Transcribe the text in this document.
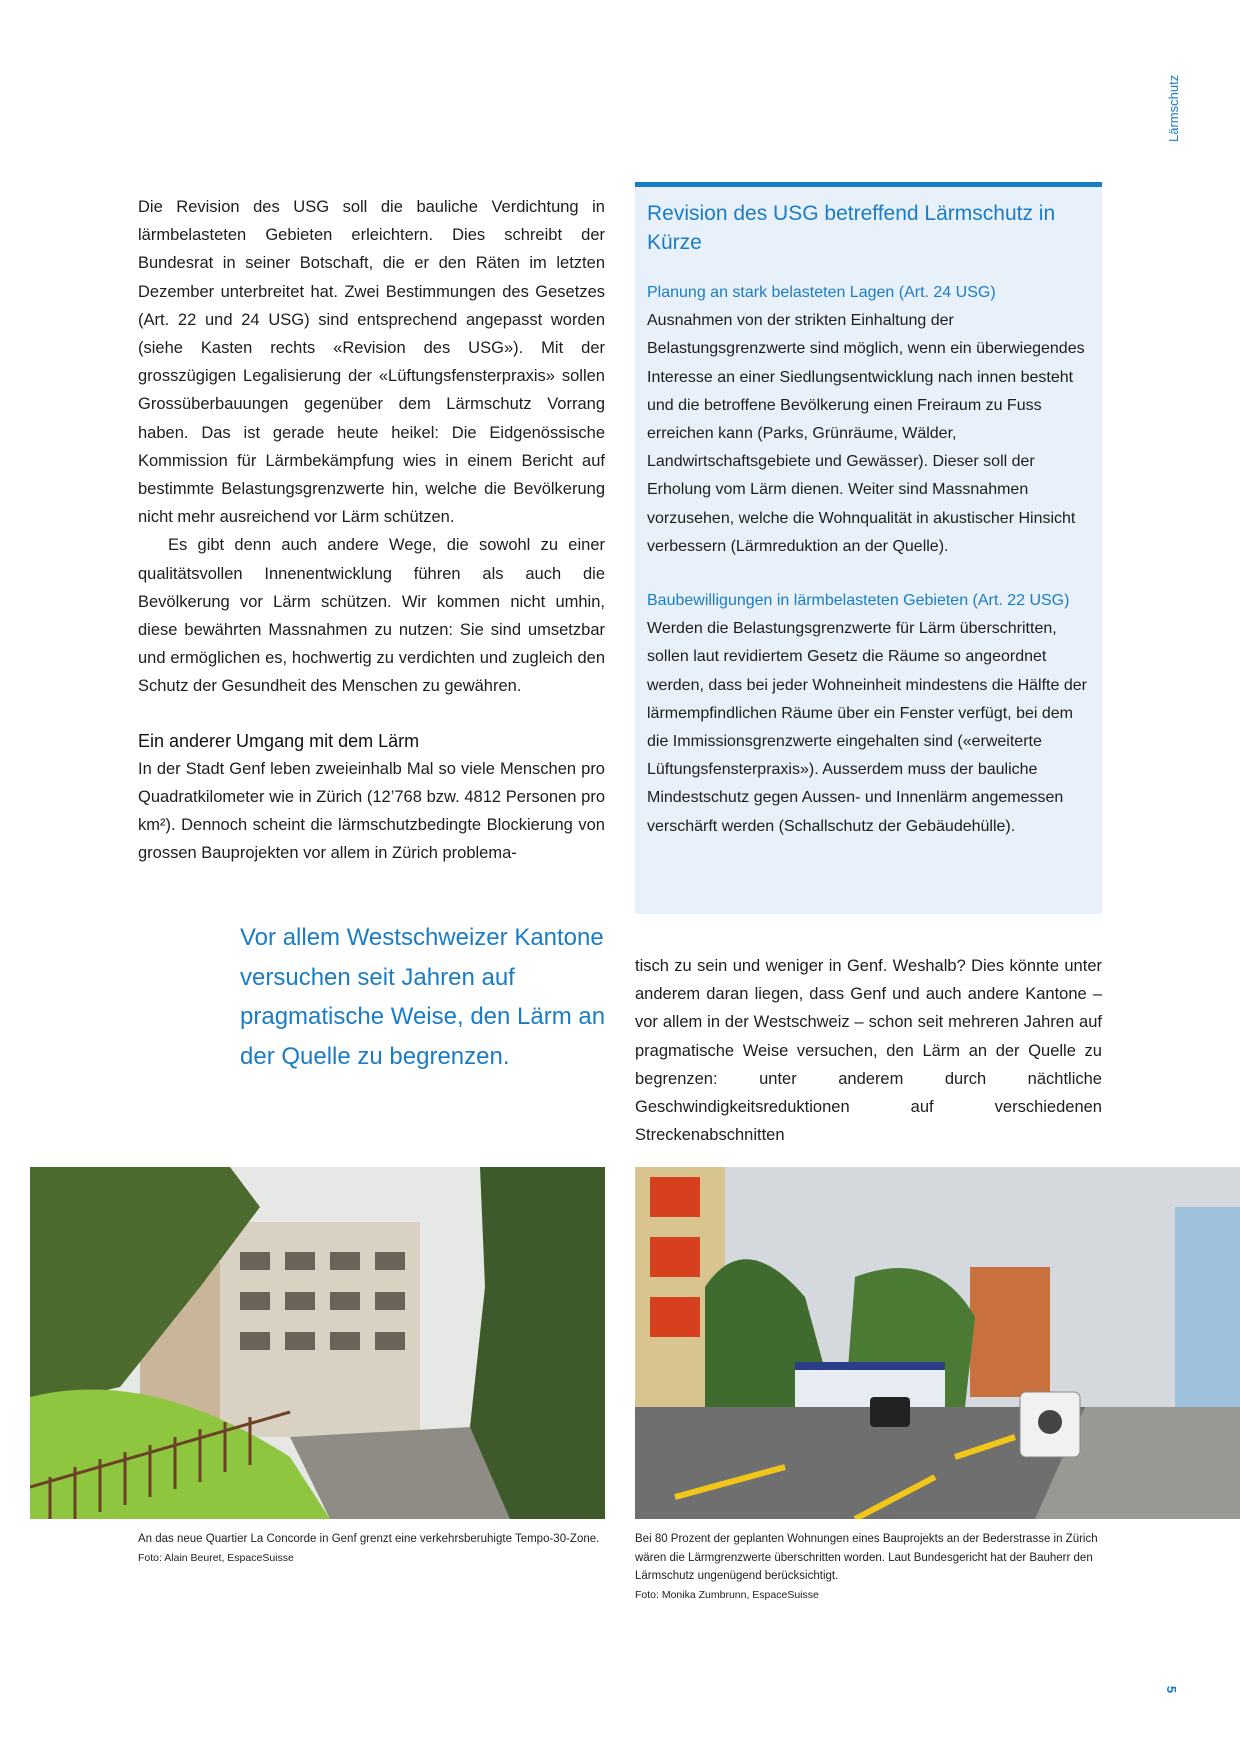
Lärmschutz

Die Revision des USG soll die bauliche Verdichtung in lärmbelasteten Gebieten erleichtern. Dies schreibt der Bundesrat in seiner Botschaft, die er den Räten im letzten Dezember unterbreitet hat. Zwei Bestimmungen des Gesetzes (Art. 22 und 24 USG) sind entsprechend angepasst worden (siehe Kasten rechts «Revision des USG»). Mit der grosszügigen Legalisierung der «Lüftungsfensterpraxis» sollen Grossüberbauungen gegenüber dem Lärmschutz Vorrang haben. Das ist gerade heute heikel: Die Eidgenössische Kommission für Lärmbekämpfung wies in einem Bericht auf bestimmte Belastungsgrenzwerte hin, welche die Bevölkerung nicht mehr ausreichend vor Lärm schützen.

Es gibt denn auch andere Wege, die sowohl zu einer qualitätsvollen Innenentwicklung führen als auch die Bevölkerung vor Lärm schützen. Wir kommen nicht umhin, diese bewährten Massnahmen zu nutzen: Sie sind umsetzbar und ermöglichen es, hochwertig zu verdichten und zugleich den Schutz der Gesundheit des Menschen zu gewähren.

Ein anderer Umgang mit dem Lärm

In der Stadt Genf leben zweieinhalb Mal so viele Menschen pro Quadratkilometer wie in Zürich (12’768 bzw. 4812 Personen pro km²). Dennoch scheint die lärmschutzbedingte Blockierung von grossen Bauprojekten vor allem in Zürich problema-

Revision des USG betreffend Lärmschutz in Kürze
Planung an stark belasteten Lagen (Art. 24 USG)

Ausnahmen von der strikten Einhaltung der Belastungsgrenzwerte sind möglich, wenn ein überwiegendes Interesse an einer Siedlungsentwicklung nach innen besteht und die betroffene Bevölkerung einen Freiraum zu Fuss erreichen kann (Parks, Grünräume, Wälder, Landwirtschaftsgebiete und Gewässer). Dieser soll der Erholung vom Lärm dienen. Weiter sind Massnahmen vorzusehen, welche die Wohnqualität in akustischer Hinsicht verbessern (Lärmreduktion an der Quelle).

Baubewilligungen in lärmbelasteten Gebieten (Art. 22 USG)

Werden die Belastungsgrenzwerte für Lärm überschritten, sollen laut revidiertem Gesetz die Räume so angeordnet werden, dass bei jeder Wohneinheit mindestens die Hälfte der lärmempfindlichen Räume über ein Fenster verfügt, bei dem die Immissionsgrenzwerte eingehalten sind («erweiterte Lüftungsfensterpraxis»). Ausserdem muss der bauliche Mindestschutz gegen Aussen- und Innenlärm angemessen verschärft werden (Schallschutz der Gebäudehülle).

Vor allem Westschweizer Kantone versuchen seit Jahren auf pragmatische Weise, den Lärm an der Quelle zu begrenzen.

tisch zu sein und weniger in Genf. Weshalb? Dies könnte unter anderem daran liegen, dass Genf und auch andere Kantone – vor allem in der Westschweiz – schon seit mehreren Jahren auf pragmatische Weise versuchen, den Lärm an der Quelle zu begrenzen: unter anderem durch nächtliche Geschwindigkeitsreduktionen auf verschiedenen Streckenabschnitten

An das neue Quartier La Concorde in Genf grenzt eine verkehrsberuhigte Tempo-30-Zone. Foto: Alain Beuret, EspaceSuisse
Bei 80 Prozent der geplanten Wohnungen eines Bauprojekts an der Bederstrasse in Zürich wären die Lärmgrenzwerte überschritten worden. Laut Bundesgericht hat der Bauherr den Lärmschutz ungenügend berücksichtigt.
Foto: Monika Zumbrunn, EspaceSuisse
5
